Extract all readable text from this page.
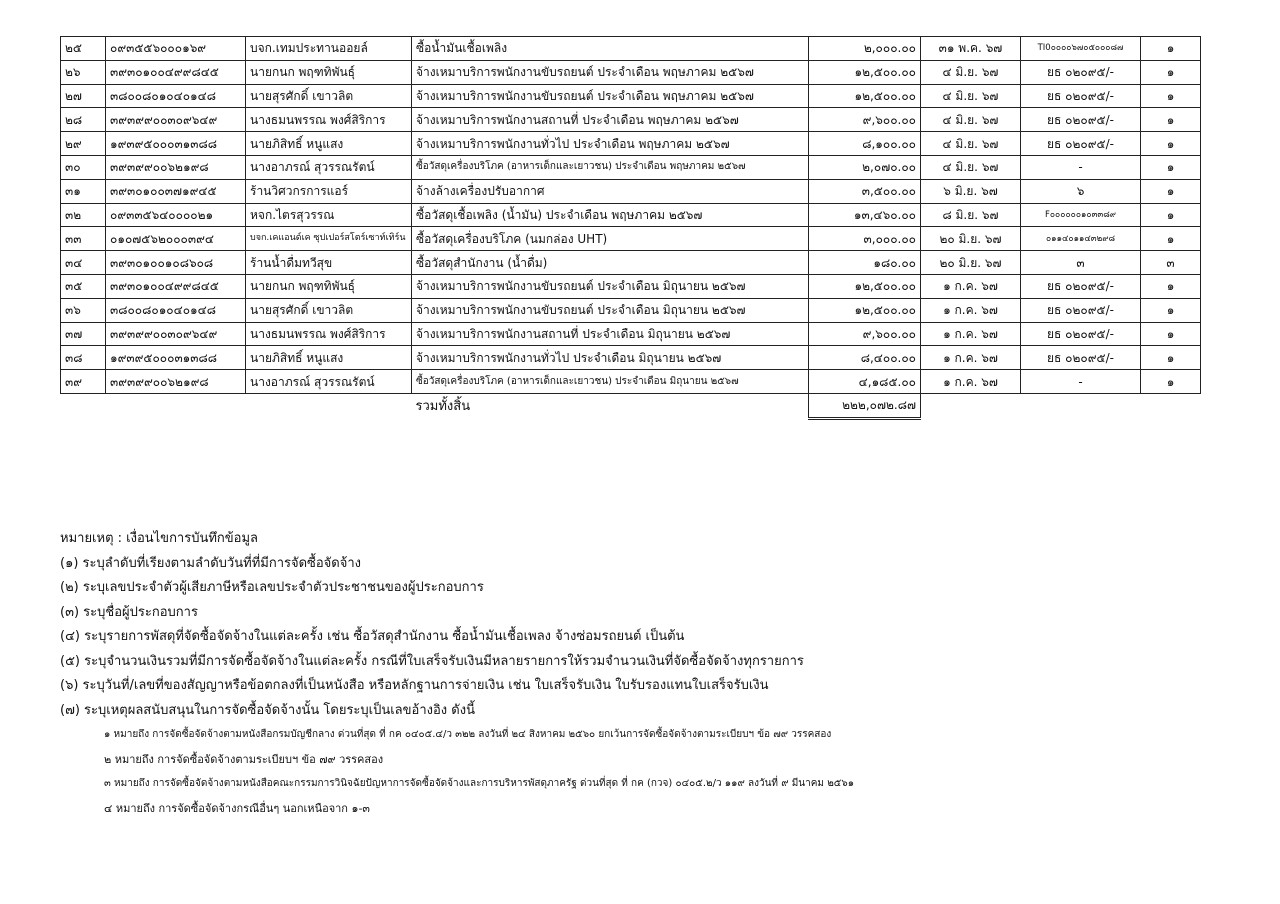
๒๕	๐๙๓๕๕๖๐๐๐๑๖๙	บจก.เทมประทานออยล์	ซื้อน้ำมันเชื้อเพลิง	๒,๐๐๐.๐๐	๓๑ พ.ค. ๖๗	TI0๐๐๐๐๖๗๐๕๐๐๐๘๗	๑
๒๖	๓๙๓๐๑๐๐๔๙๙๘๔๕	นายกนก พฤฑทิพันธุ์	จ้างเหมาบริการพนักงานขับรถยนต์ ประจำเดือน พฤษภาคม ๒๕๖๗	๑๒,๕๐๐.๐๐	๔ มิ.ย. ๖๗	ยธ ๐๒๐๙๕/-	๑
๒๗	๓๘๐๐๘๐๑๐๔๐๑๔๘	นายสุรศักดิ์ เขาวลิต	จ้างเหมาบริการพนักงานขับรถยนต์ ประจำเดือน พฤษภาคม ๒๕๖๗	๑๒,๕๐๐.๐๐	๔ มิ.ย. ๖๗	ยธ ๐๒๐๙๕/-	๑
๒๘	๓๙๓๙๙๐๐๓๐๙๖๔๙	นางธมนพรรณ พงศ์สิริการ	จ้างเหมาบริการพนักงานสถานที่ ประจำเดือน พฤษภาคม ๒๕๖๗	๙,๖๐๐.๐๐	๔ มิ.ย. ๖๗	ยธ ๐๒๐๙๕/-	๑
๒๙	๑๙๓๙๕๐๐๐๓๑๓๘๘	นายภิสิทธิ์ หนูแสง	จ้างเหมาบริการพนักงานทั่วไป ประจำเดือน พฤษภาคม ๒๕๖๗	๘,๑๐๐.๐๐	๔ มิ.ย. ๖๗	ยธ ๐๒๐๙๕/-	๑
๓๐	๓๙๓๙๙๐๐๖๒๑๙๘	นางอาภรณ์ สุวรรณรัตน์	ซื้อวัสดุเครื่องบริโภค (อาหารเด็กและเยาวชน) ประจำเดือน พฤษภาคม ๒๕๖๗	๒,๐๗๐.๐๐	๔ มิ.ย. ๖๗	-	๑
๓๑	๓๙๓๐๑๐๐๓๗๑๙๔๕	ร้านวิศวกรการแอร์	จ้างล้างเครื่องปรับอากาศ	๓,๕๐๐.๐๐	๖ มิ.ย. ๖๗	๖	๑
๓๒	๐๙๓๓๕๖๔๐๐๐๐๒๑	หจก.ไตรสุวรรณ	ซื้อวัสดุเชื้อเพลิง (น้ำมัน) ประจำเดือน พฤษภาคม ๒๕๖๗	๑๓,๔๖๐.๐๐	๘ มิ.ย. ๖๗	F๐๐๐๐๐๐๑๐๓๓๘๙	๑
๓๓	๐๑๐๗๕๖๒๐๐๐๓๙๔	บจก.เคแอนด์เค ซุปเปอร์สโตร์เซาท์เทิร์น	ซื้อวัสดุเครื่องบริโภค (นมกล่อง UHT)	๓,๐๐๐.๐๐	๒๐ มิ.ย. ๖๗	๐๑๑๔๐๑๑๔๓๒๙๘	๑
๓๔	๓๙๓๐๑๐๐๑๐๘๖๐๘	ร้านน้ำดื่มทวีสุข	ซื้อวัสดุสำนักงาน (น้ำดื่ม)	๑๘๐.๐๐	๒๐ มิ.ย. ๖๗	๓	๓
๓๕	๓๙๓๐๑๐๐๔๙๙๘๔๕	นายกนก พฤฑทิพันธุ์	จ้างเหมาบริการพนักงานขับรถยนต์ ประจำเดือน มิถุนายน ๒๕๖๗	๑๒,๕๐๐.๐๐	๑ ก.ค. ๖๗	ยธ ๐๒๐๙๕/-	๑
๓๖	๓๘๐๐๘๐๑๐๔๐๑๔๘	นายสุรศักดิ์ เขาวลิต	จ้างเหมาบริการพนักงานขับรถยนต์ ประจำเดือน มิถุนายน ๒๕๖๗	๑๒,๕๐๐.๐๐	๑ ก.ค. ๖๗	ยธ ๐๒๐๙๕/-	๑
๓๗	๓๙๓๙๙๐๐๓๐๙๖๔๙	นางธมนพรรณ พงศ์สิริการ	จ้างเหมาบริการพนักงานสถานที่ ประจำเดือน มิถุนายน ๒๕๖๗	๙,๖๐๐.๐๐	๑ ก.ค. ๖๗	ยธ ๐๒๐๙๕/-	๑
๓๘	๑๙๓๙๕๐๐๐๓๑๓๘๘	นายภิสิทธิ์ หนูแสง	จ้างเหมาบริการพนักงานทั่วไป ประจำเดือน มิถุนายน ๒๕๖๗	๘,๔๐๐.๐๐	๑ ก.ค. ๖๗	ยธ ๐๒๐๙๕/-	๑
๓๙	๓๙๓๙๙๐๐๖๒๑๙๘	นางอาภรณ์ สุวรรณรัตน์	ซื้อวัสดุเครื่องบริโภค (อาหารเด็กและเยาวชน) ประจำเดือน มิถุนายน ๒๕๖๗	๔,๑๘๕.๐๐	๑ ก.ค. ๖๗	-	๑
			รวมทั้งสิ้น	๒๒๒,๐๗๒.๘๗			
หมายเหตุ : เงื่อนไขการบันทึกข้อมูล
(๑) ระบุลำดับที่เรียงตามลำดับวันที่ที่มีการจัดซื้อจัดจ้าง
(๒) ระบุเลขประจำตัวผู้เสียภาษีหรือเลขประจำตัวประชาชนของผู้ประกอบการ
(๓) ระบุชื่อผู้ประกอบการ
(๔) ระบุรายการพัสดุที่จัดซื้อจัดจ้างในแต่ละครั้ง เช่น ซื้อวัสดุสำนักงาน ซื้อน้ำมันเชื้อเพลง จ้างซ่อมรถยนต์ เป็นต้น
(๕) ระบุจำนวนเงินรวมที่มีการจัดซื้อจัดจ้างในแต่ละครั้ง กรณีที่ใบเสร็จรับเงินมีหลายรายการให้รวมจำนวนเงินที่จัดซื้อจัดจ้างทุกรายการ
(๖) ระบุวันที่/เลขที่ของสัญญาหรือข้อตกลงที่เป็นหนังสือ หรือหลักฐานการจ่ายเงิน เช่น ใบเสร็จรับเงิน ใบรับรองแทนใบเสร็จรับเงิน
(๗) ระบุเหตุผลสนับสนุนในการจัดซื้อจัดจ้างนั้น โดยระบุเป็นเลขอ้างอิง ดังนี้
๑ หมายถึง การจัดซื้อจัดจ้างตามหนังสือกรมบัญชีกลาง ด่วนที่สุด ที่ กค ๐๔๐๕.๔/ว ๓๒๒ ลงวันที่ ๒๔ สิงหาคม ๒๕๖๐ ยกเว้นการจัดซื้อจัดจ้างตามระเบียบฯ ข้อ ๗๙ วรรคสอง
๒ หมายถึง การจัดซื้อจัดจ้างตามระเบียบฯ ข้อ ๗๙ วรรคสอง
๓ หมายถึง การจัดซื้อจัดจ้างตามหนังสือคณะกรรมการวินิจฉัยปัญหาการจัดซื้อจัดจ้างและการบริหารพัสดุภาครัฐ ด่วนที่สุด ที่ กค (กวจ) ๐๔๐๕.๒/ว ๑๑๙ ลงวันที่ ๙ มีนาคม ๒๕๖๑
๔ หมายถึง การจัดซื้อจัดจ้างกรณีอื่นๆ นอกเหนือจาก ๑-๓
